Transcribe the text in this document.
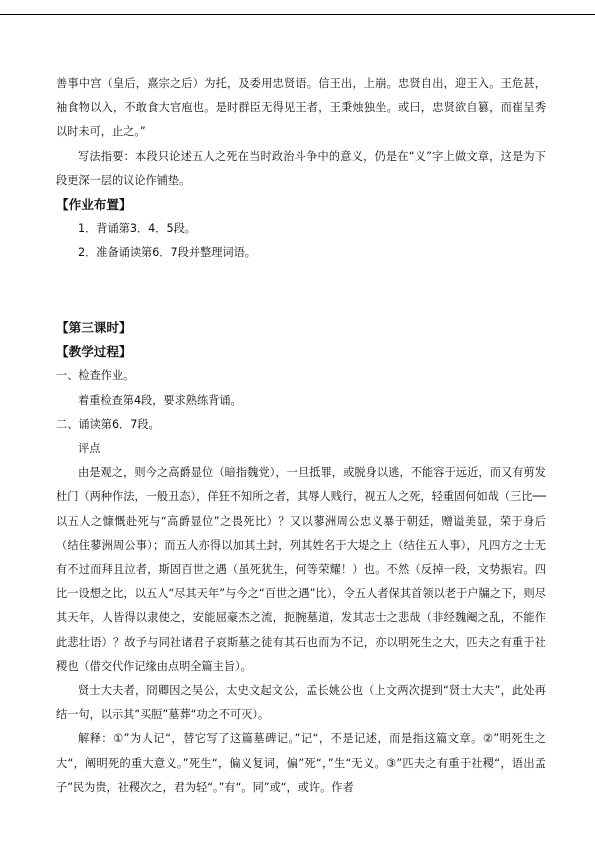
善事中宫（皇后，熹宗之后）为托，及委用忠贤语。信王出，上崩。忠贤自出，迎王入。王危甚，袖食物以入，不敢食大官庖也。是时群臣无得见王者，王秉烛独坐。或曰，忠贤欲自篡，而崔呈秀以时未可，止之。”

写法指要：本段只论述五人之死在当时政治斗争中的意义，仍是在“义”字上做文章，这是为下段更深一层的议论作铺垫。

【作业布置】

1．背诵第3．4．5段。

2．准备诵读第6．7段并整理词语。

【第三课时】

【教学过程】

一、检查作业。

着重检查第4段，要求熟练背诵。

二、诵读第6．7段。

评点

由是观之，则今之高爵显位（暗指魏党），一旦抵罪，或脱身以逃，不能容于远近，而又有剪发杜门（两种作法，一般丑态），佯狂不知所之者，其辱人贱行，视五人之死，轻重固何如哉（三比──以五人之慷慨赴死与“高爵显位”之畏死比）？又以蓼洲周公忠义暴于朝廷，赠谥美显，荣于身后（结住蓼洲周公事）；而五人亦得以加其土封，列其姓名于大堤之上（结住五人事），凡四方之士无有不过而拜且泣者，斯固百世之遇（虽死犹生，何等荣耀！）也。不然（反掉一段，文势振宕。四比一设想之比，以五人“尽其天年”与今之“百世之遇”比），令五人者保其首领以老于户牖之下，则尽其天年，人皆得以隶使之，安能屈豪杰之流，扼腕墓道，发其志士之悲哉（非经魏阉之乱，不能作此悲壮语）？故予与同社诸君子哀斯墓之徒有其石也而为不记，亦以明死生之大，匹夫之有重于社稷也（借交代作记缘由点明全篇主旨）。

贤士大夫者，冏卿因之吴公，太史文起文公，孟长姚公也（上文两次提到“贤士大夫”，此处再结一句，以示其“买脰”墓葬“功之不可灭）。

解释：①”为人记“，替它写了这篇墓碑记。”记“，不是记述，而是指这篇文章。②”明死生之大“，阐明死的重大意义。”死生“，偏义复词，偏”死“，”生“无义。③”匹夫之有重于社稷“，语出孟子”民为贵，社稷次之，君为轻“。”有“。同”或“，或许。作者
